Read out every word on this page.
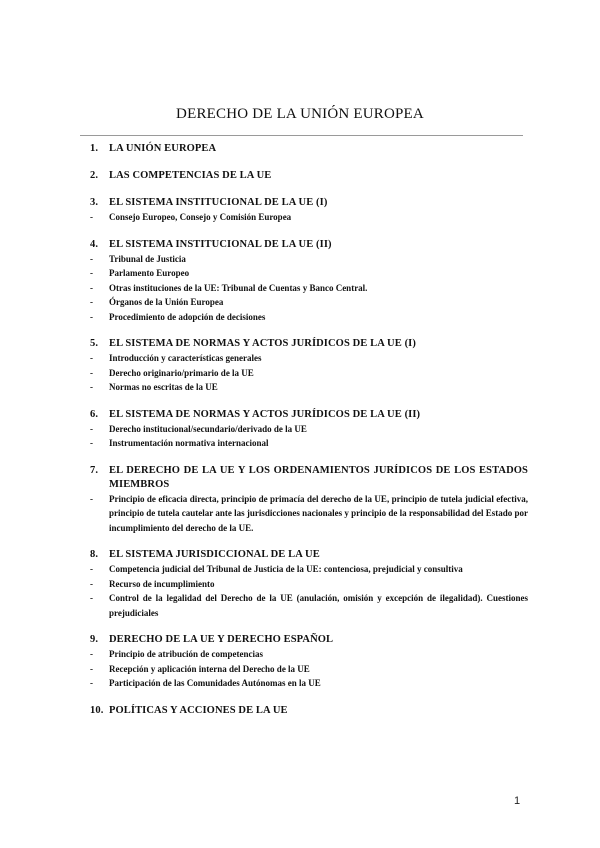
DERECHO DE LA UNIÓN EUROPEA
1.	LA UNIÓN EUROPEA
2.	LAS COMPETENCIAS DE LA UE
3.	EL SISTEMA INSTITUCIONAL DE LA UE (I)
-	Consejo Europeo, Consejo y Comisión Europea
4.	EL SISTEMA INSTITUCIONAL DE LA UE (II)
-	Tribunal de Justicia
-	Parlamento Europeo
-	Otras instituciones de la UE: Tribunal de Cuentas y Banco Central.
-	Órganos de la Unión Europea
-	Procedimiento de adopción de decisiones
5.	EL SISTEMA DE NORMAS Y ACTOS JURÍDICOS DE LA UE (I)
-	Introducción y características generales
-	Derecho originario/primario de la UE
-	Normas no escritas de la UE
6.	EL SISTEMA DE NORMAS Y ACTOS JURÍDICOS DE LA UE (II)
-	Derecho institucional/secundario/derivado de la UE
-	Instrumentación normativa internacional
7.	EL DERECHO DE LA UE Y LOS ORDENAMIENTOS JURÍDICOS DE LOS ESTADOS MIEMBROS
-	Principio de eficacia directa, principio de primacía del derecho de la UE, principio de tutela judicial efectiva, principio de tutela cautelar ante las jurisdicciones nacionales y principio de la responsabilidad del Estado por incumplimiento del derecho de la UE.
8.	EL SISTEMA JURISDICCIONAL DE LA UE
-	Competencia judicial del Tribunal de Justicia de la UE: contenciosa, prejudicial y consultiva
-	Recurso de incumplimiento
-	Control de la legalidad del Derecho de la UE (anulación, omisión y excepción de ilegalidad). Cuestiones prejudiciales
9.	DERECHO DE LA UE Y DERECHO ESPAÑOL
-	Principio de atribución de competencias
-	Recepción y aplicación interna del Derecho de la UE
-	Participación de las Comunidades Autónomas en la UE
10. POLÍTICAS Y ACCIONES DE LA UE
1
